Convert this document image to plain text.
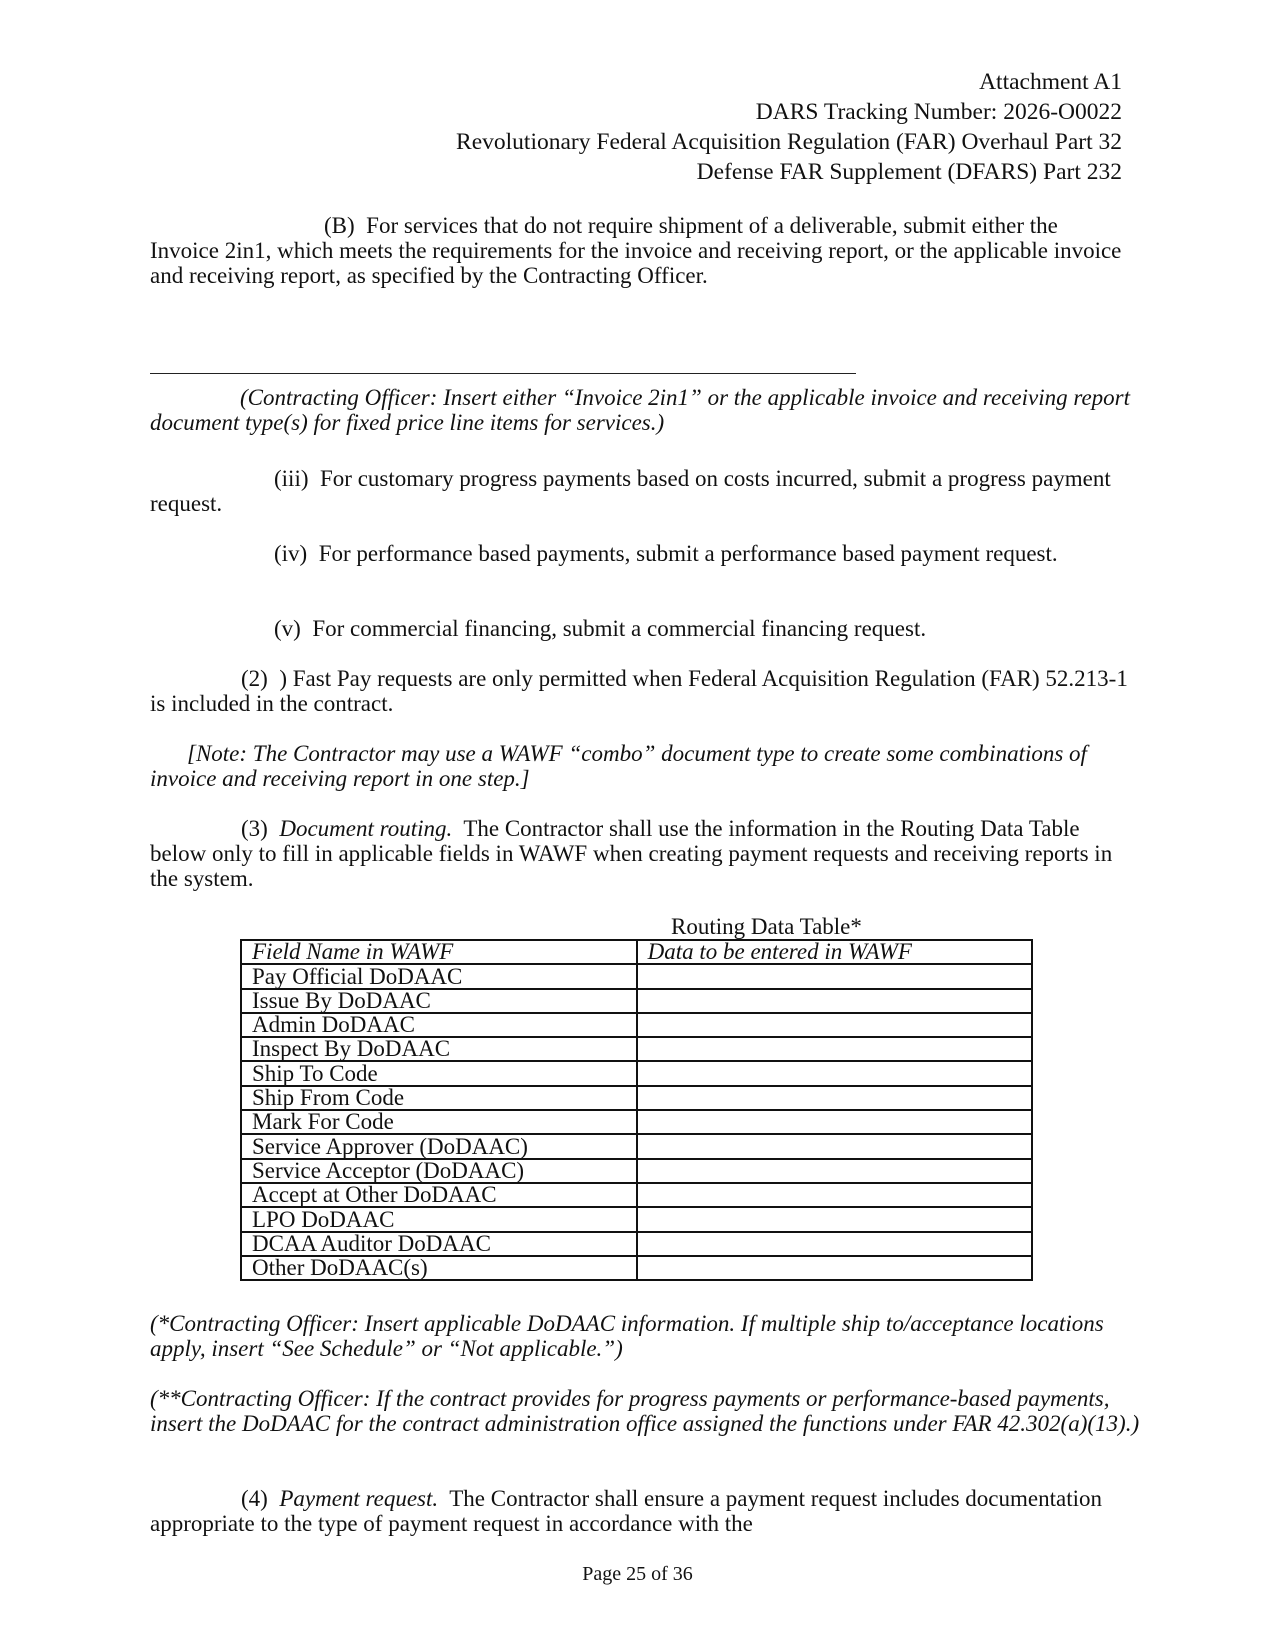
Attachment A1
DARS Tracking Number: 2026-O0022
Revolutionary Federal Acquisition Regulation (FAR) Overhaul Part 32
Defense FAR Supplement (DFARS) Part 232
(B) For services that do not require shipment of a deliverable, submit either the Invoice 2in1, which meets the requirements for the invoice and receiving report, or the applicable invoice and receiving report, as specified by the Contracting Officer.
(Contracting Officer: Insert either “Invoice 2in1” or the applicable invoice and receiving report document type(s) for fixed price line items for services.)
(iii) For customary progress payments based on costs incurred, submit a progress payment request.
(iv) For performance based payments, submit a performance based payment request.
(v) For commercial financing, submit a commercial financing request.
(2) ) Fast Pay requests are only permitted when Federal Acquisition Regulation (FAR) 52.213-1 is included in the contract.
[Note: The Contractor may use a WAWF “combo” document type to create some combinations of invoice and receiving report in one step.]
(3) Document routing. The Contractor shall use the information in the Routing Data Table below only to fill in applicable fields in WAWF when creating payment requests and receiving reports in the system.
Routing Data Table*
Field Name in WAWF	Data to be entered in WAWF
Pay Official DoDAAC	
Issue By DoDAAC	
Admin DoDAAC	
Inspect By DoDAAC	
Ship To Code	
Ship From Code	
Mark For Code	
Service Approver (DoDAAC)	
Service Acceptor (DoDAAC)	
Accept at Other DoDAAC	
LPO DoDAAC	
DCAA Auditor DoDAAC	
Other DoDAAC(s)	
(*Contracting Officer: Insert applicable DoDAAC information. If multiple ship to/acceptance locations apply, insert “See Schedule” or “Not applicable.”)
(**Contracting Officer: If the contract provides for progress payments or performance-based payments, insert the DoDAAC for the contract administration office assigned the functions under FAR 42.302(a)(13).)
(4) Payment request. The Contractor shall ensure a payment request includes documentation appropriate to the type of payment request in accordance with the
Page 25 of 36
